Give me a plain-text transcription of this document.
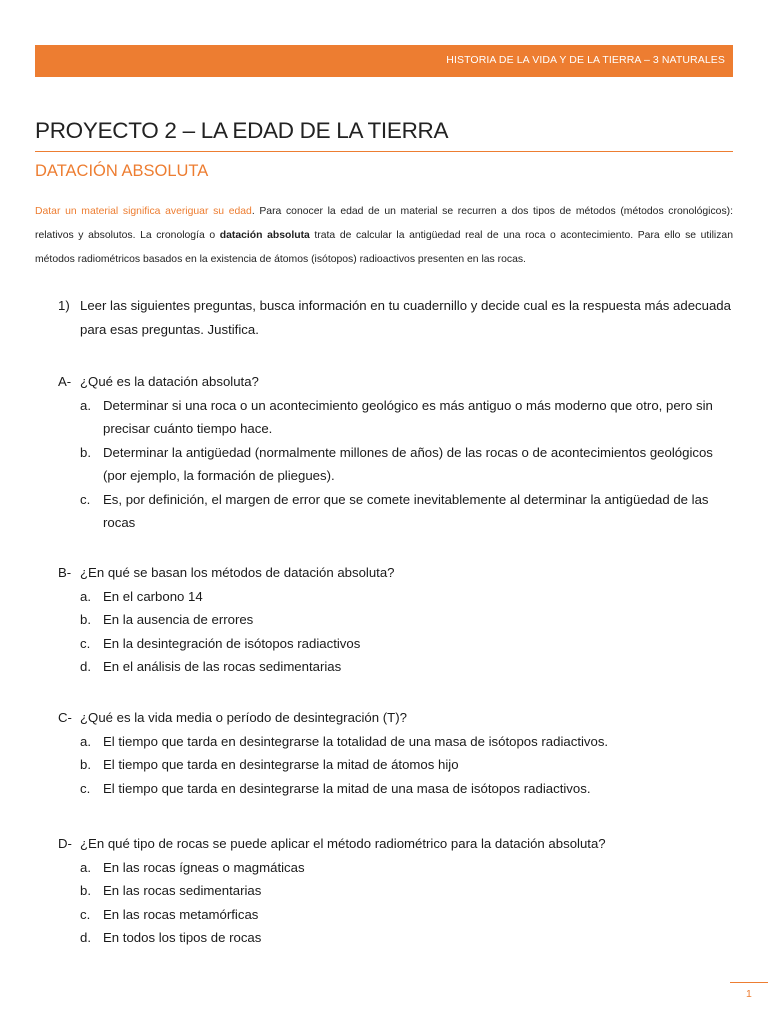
HISTORIA DE LA VIDA Y DE LA TIERRA – 3 NATURALES
PROYECTO 2 – LA EDAD DE LA TIERRA
DATACIÓN ABSOLUTA

Datar un material significa averiguar su edad. Para conocer la edad de un material se recurren a dos tipos de métodos (métodos cronológicos): relativos y absolutos. La cronología o datación absoluta trata de calcular la antigüedad real de una roca o acontecimiento. Para ello se utilizan métodos radiométricos basados en la existencia de átomos (isótopos) radioactivos presenten en las rocas.

1) Leer las siguientes preguntas, busca información en tu cuadernillo y decide cual es la respuesta más adecuada para esas preguntas. Justifica.
A- ¿Qué es la datación absoluta?
a. Determinar si una roca o un acontecimiento geológico es más antiguo o más moderno que otro, pero sin precisar cuánto tiempo hace.
b. Determinar la antigüedad (normalmente millones de años) de las rocas o de acontecimientos geológicos (por ejemplo, la formación de pliegues).
c. Es, por definición, el margen de error que se comete inevitablemente al determinar la antigüedad de las rocas
B- ¿En qué se basan los métodos de datación absoluta?
a. En el carbono 14
b. En la ausencia de errores
c. En la desintegración de isótopos radiactivos
d. En el análisis de las rocas sedimentarias
C- ¿Qué es la vida media o período de desintegración (T)?
a. El tiempo que tarda en desintegrarse la totalidad de una masa de isótopos radiactivos.
b. El tiempo que tarda en desintegrarse la mitad de átomos hijo
c. El tiempo que tarda en desintegrarse la mitad de una masa de isótopos radiactivos.
D- ¿En qué tipo de rocas se puede aplicar el método radiométrico para la datación absoluta?
a. En las rocas ígneas o magmáticas
b. En las rocas sedimentarias
c. En las rocas metamórficas
d. En todos los tipos de rocas
1
